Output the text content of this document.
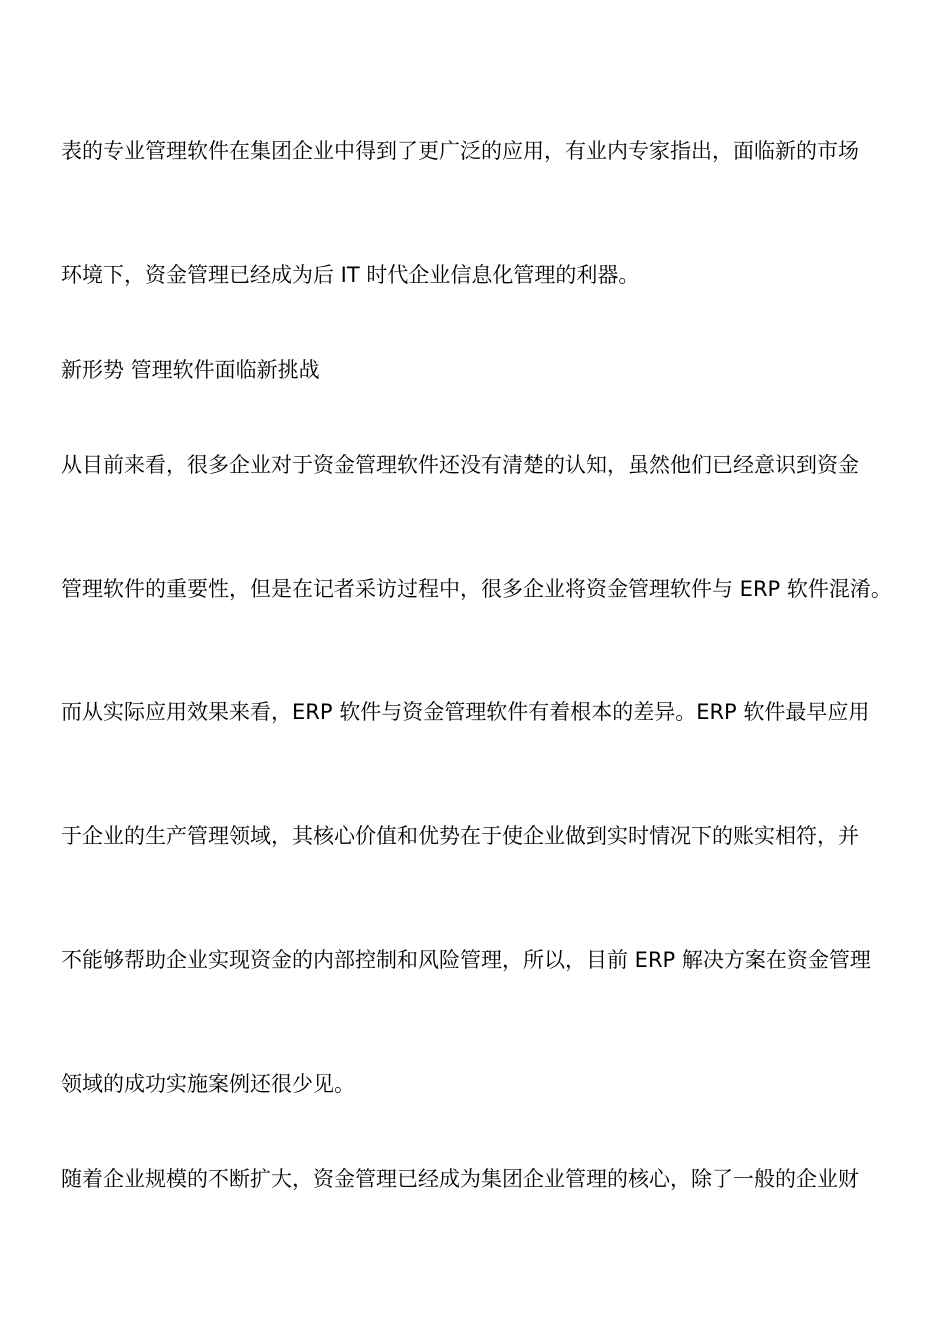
表的专业管理软件在集团企业中得到了更广泛的应用，有业内专家指出，面临新的市场
环境下，资金管理已经成为后 IT 时代企业信息化管理的利器。
新形势 管理软件面临新挑战
从目前来看，很多企业对于资金管理软件还没有清楚的认知，虽然他们已经意识到资金
管理软件的重要性，但是在记者采访过程中，很多企业将资金管理软件与 ERP 软件混淆。
而从实际应用效果来看，ERP 软件与资金管理软件有着根本的差异。ERP 软件最早应用
于企业的生产管理领域，其核心价值和优势在于使企业做到实时情况下的账实相符，并
不能够帮助企业实现资金的内部控制和风险管理，所以，目前 ERP 解决方案在资金管理
领域的成功实施案例还很少见。
随着企业规模的不断扩大，资金管理已经成为集团企业管理的核心，除了一般的企业财
